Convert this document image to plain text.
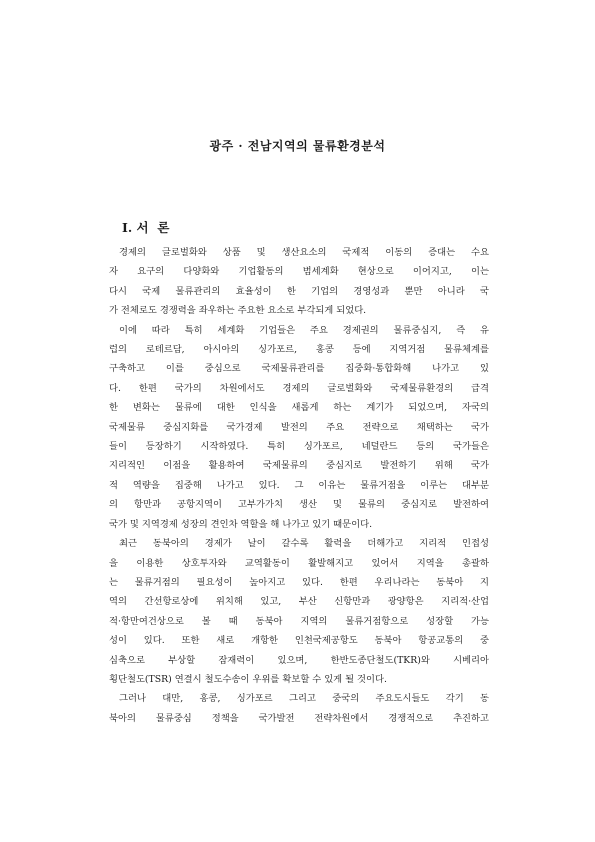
광주 · 전남지역의 물류환경분석
Ⅰ. 서  론
경제의 글로벌화와 상품 및 생산요소의 국제적 이동의 증대는 수요
자 요구의 다양화와 기업활동의 범세계화 현상으로 이어지고, 이는
다시 국제 물류관리의 효율성이 한 기업의 경영성과 뿐만 아니라 국
가 전체로도 경쟁력을 좌우하는 주요한 요소로 부각되게 되었다.
이에 따라 특히 세계화 기업들은 주요 경제권의 물류중심지, 즉 유
럽의 로테르담, 아시아의 싱가포르, 홍콩 등에 지역거점 물류체계를
구축하고 이를 중심으로 국제물류관리를 집중화·통합화해 나가고 있
다. 한편 국가의 차원에서도 경제의 글로벌화와 국제물류환경의 급격
한 변화는 물류에 대한 인식을 새롭게 하는 계기가 되었으며, 자국의
국제물류 중심지화를 국가경제 발전의 주요 전략으로 채택하는 국가
들이 등장하기 시작하였다. 특히 싱가포르, 네덜란드 등의 국가들은
지리적인 이점을 활용하여 국제물류의 중심지로 발전하기 위해 국가
적 역량을 집중해 나가고 있다. 그 이유는 물류거점을 이루는 대부분
의 항만과 공항지역이 고부가가치 생산 및 물류의 중심지로 발전하여
국가 및 지역경제 성장의 견인차 역할을 해 나가고 있기 때문이다.
최근 동북아의 경제가 날이 갈수록 활력을 더해가고 지리적 인접성
을 이용한 상호투자와 교역활동이 활발해지고 있어서 지역을 총괄하
는 물류거점의 필요성이 높아지고 있다. 한편 우리나라는 동북아 지
역의 간선항로상에 위치해 있고, 부산 신항만과 광양항은 지리적·산업
적·항만여건상으로 볼 때 동북아 지역의 물류거점항으로 성장할 가능
성이 있다. 또한 새로 개항한 인천국제공항도 동북아 항공교통의 중
심축으로 부상할 잠재력이 있으며, 한반도종단철도(TKR)와 시베리아
횡단철도(TSR) 연결시 철도수송이 우위를 확보할 수 있게 될 것이다.
그러나 대만, 홍콩, 싱가포르 그리고 중국의 주요도시들도 각기 동
북아의 물류중심 정책을 국가발전 전략차원에서 경쟁적으로 추진하고
